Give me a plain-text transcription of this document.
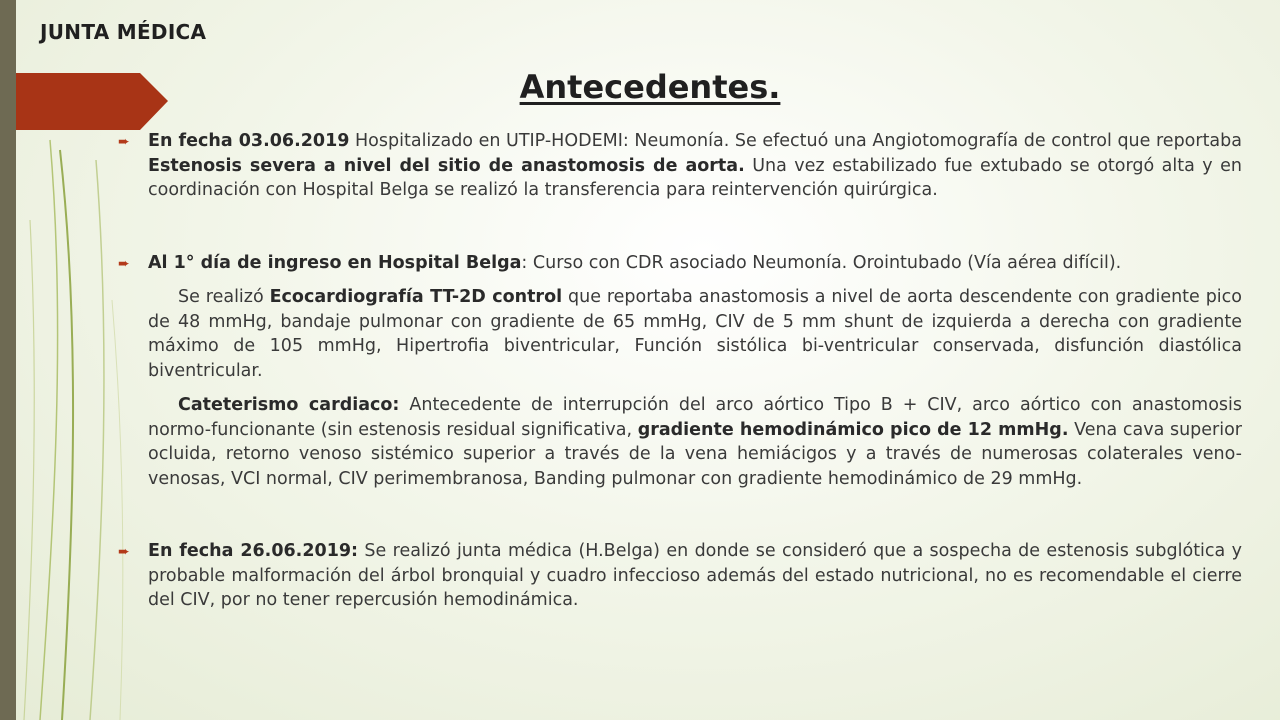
JUNTA MÉDICA
Antecedentes.
➨ En fecha 03.06.2019 Hospitalizado en UTIP-HODEMI: Neumonía. Se efectuó una Angiotomografía de control que reportaba Estenosis severa a nivel del sitio de anastomosis de aorta. Una vez estabilizado fue extubado se otorgó alta y en coordinación con Hospital Belga se realizó la transferencia para reintervención quirúrgica.

➨ Al 1° día de ingreso en Hospital Belga: Curso con CDR asociado Neumonía. Orointubado (Vía aérea difícil).

Se realizó Ecocardiografía TT-2D control que reportaba anastomosis a nivel de aorta descendente con gradiente pico de 48 mmHg, bandaje pulmonar con gradiente de 65 mmHg, CIV de 5 mm shunt de izquierda a derecha con gradiente máximo de 105 mmHg, Hipertrofia biventricular, Función sistólica bi-ventricular conservada, disfunción diastólica biventricular.

Cateterismo cardiaco: Antecedente de interrupción del arco aórtico Tipo B + CIV, arco aórtico con anastomosis normo-funcionante (sin estenosis residual significativa, gradiente hemodinámico pico de 12 mmHg. Vena cava superior ocluida, retorno venoso sistémico superior a través de la vena hemiácigos y a través de numerosas colaterales veno-venosas, VCI normal, CIV perimembranosa, Banding pulmonar con gradiente hemodinámico de 29 mmHg.

➨ En fecha 26.06.2019: Se realizó junta médica (H.Belga) en donde se consideró que a sospecha de estenosis subglótica y probable malformación del árbol bronquial y cuadro infeccioso además del estado nutricional, no es recomendable el cierre del CIV, por no tener repercusión hemodinámica.
